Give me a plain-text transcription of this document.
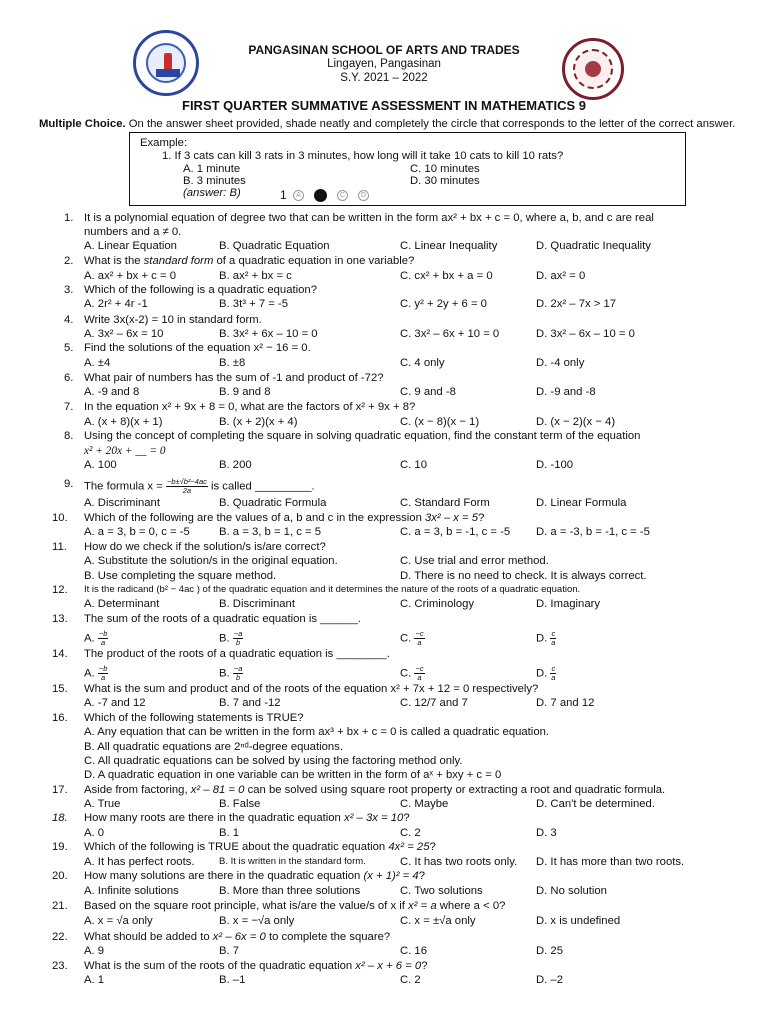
PANGASINAN SCHOOL OF ARTS AND TRADES
Lingayen, Pangasinan
S.Y. 2021 – 2022
FIRST QUARTER SUMMATIVE ASSESSMENT IN MATHEMATICS 9
Multiple Choice. On the answer sheet provided, shade neatly and completely the circle that corresponds to the letter of the correct answer.
Example:
1. If 3 cats can kill 3 rats in 3 minutes, how long will it take 10 cats to kill 10 rats?
A. 1 minute
B. 3 minutes
C. 10 minutes
D. 30 minutes
(answer: B)	1	A	C	D
1. It is a polynomial equation of degree two that can be written in the form ax² + bx + c = 0, where a, b, and c are real
numbers and a ≠ 0.
A. Linear Equation	B. Quadratic Equation	C. Linear Inequality	D. Quadratic Inequality
2. What is the standard form of a quadratic equation in one variable?
A. ax² + bx + c = 0	B. ax² + bx = c	C. cx² + bx + a = 0	D. ax² = 0
3. Which of the following is a quadratic equation?
A. 2r² + 4r -1	B. 3t³ + 7 = -5	C. y² + 2y + 6 = 0	D. 2x² – 7x > 17
4. Write 3x(x-2) = 10 in standard form.
A. 3x² – 6x = 10	B. 3x² + 6x – 10 = 0	C. 3x² – 6x + 10 = 0	D. 3x² – 6x – 10 = 0
5. Find the solutions of the equation x² − 16 = 0.
A. ±4	B. ±8	C. 4 only	D. -4 only
6. What pair of numbers has the sum of -1 and product of -72?
A. -9 and 8	B. 9 and 8	C. 9 and -8	D. -9 and -8
7. In the equation x² + 9x + 8 = 0, what are the factors of x² + 9x + 8?
A. (x + 8)(x + 1)	B. (x + 2)(x + 4)	C. (x − 8)(x − 1)	D. (x − 2)(x − 4)
8. Using the concept of completing the square in solving quadratic equation, find the constant term of the equation
x² + 20x + __ = 0
A. 100	B. 200	C. 10	D. -100
9. The formula $x = \frac{\text{−b±√b²−4ac}}{2a}$ is called _________.
A. Discriminant	B. Quadratic Formula	C. Standard Form	D. Linear Formula
10. Which of the following are the values of a, b and c in the expression 3x² – x = 5?
A. a = 3, b = 0, c = -5	B. a = 3, b = 1, c = 5	C. a = 3, b = -1, c = -5 D. a = -3, b = -1, c = -5
11. How do we check if the solution/s is/are correct?
A. Substitute the solution/s in the original equation.
B. Use completing the square method.
C. Use trial and error method.
D. There is no need to check. It is always correct.
12. It is the radicand (b² − 4ac ) of the quadratic equation and it determines the nature of the roots of a quadratic equation.
A. Determinant	B. Discriminant	C. Criminology	D. Imaginary
13. The sum of the roots of a quadratic equation is ______.
A. $\frac{-b}{a}$	B. $\frac{-a}{b}$	C. $\frac{-c}{a}$	D. $\frac{c}{a}$
14. The product of the roots of a quadratic equation is ________.
A. $\frac{-b}{a}$	B. $\frac{-a}{b}$	C. $\frac{-c}{a}$	D. $\frac{c}{a}$
15. What is the sum and product and of the roots of the equation x² + 7x + 12 = 0 respectively?
A. -7 and 12	B. 7 and -12	C. 12/7 and 7	D. 7 and 12
16. Which of the following statements is TRUE?
A. Any equation that can be written in the form ax³ + bx + c = 0 is called a quadratic equation.
B. All quadratic equations are 2ⁿᵈ-degree equations.
C. All quadratic equations can be solved by using the factoring method only.
D. A quadratic equation in one variable can be written in the form of aˣ + bxy + c = 0
17. Aside from factoring, x² – 81 = 0 can be solved using square root property or extracting a root and quadratic formula.
A. True	B. False	C. Maybe	D. Can't be determined.
18. How many roots are there in the quadratic equation x² – 3x = 10?
A. 0	B. 1	C. 2	D. 3
19. Which of the following is TRUE about the quadratic equation 4x² = 25?
A. It has perfect roots.	B. It is written in the standard form.	C. It has two roots only. D. It has more than two roots.
20. How many solutions are there in the quadratic equation (x + 1)² = 4?
A. Infinite solutions	B. More than three solutions	C. Two solutions	D. No solution
21. Based on the square root principle, what is/are the value/s of x if x² = a where a < 0?
A. x = √a only	B. x = −√a only	C. x = ±√a only	D. x is undefined
22. What should be added to x² – 6x = 0 to complete the square?
A. 9	B. 7	C. 16	D. 25
23. What is the sum of the roots of the quadratic equation x² – x + 6 = 0?
A. 1	B. –1	C. 2	D. –2
